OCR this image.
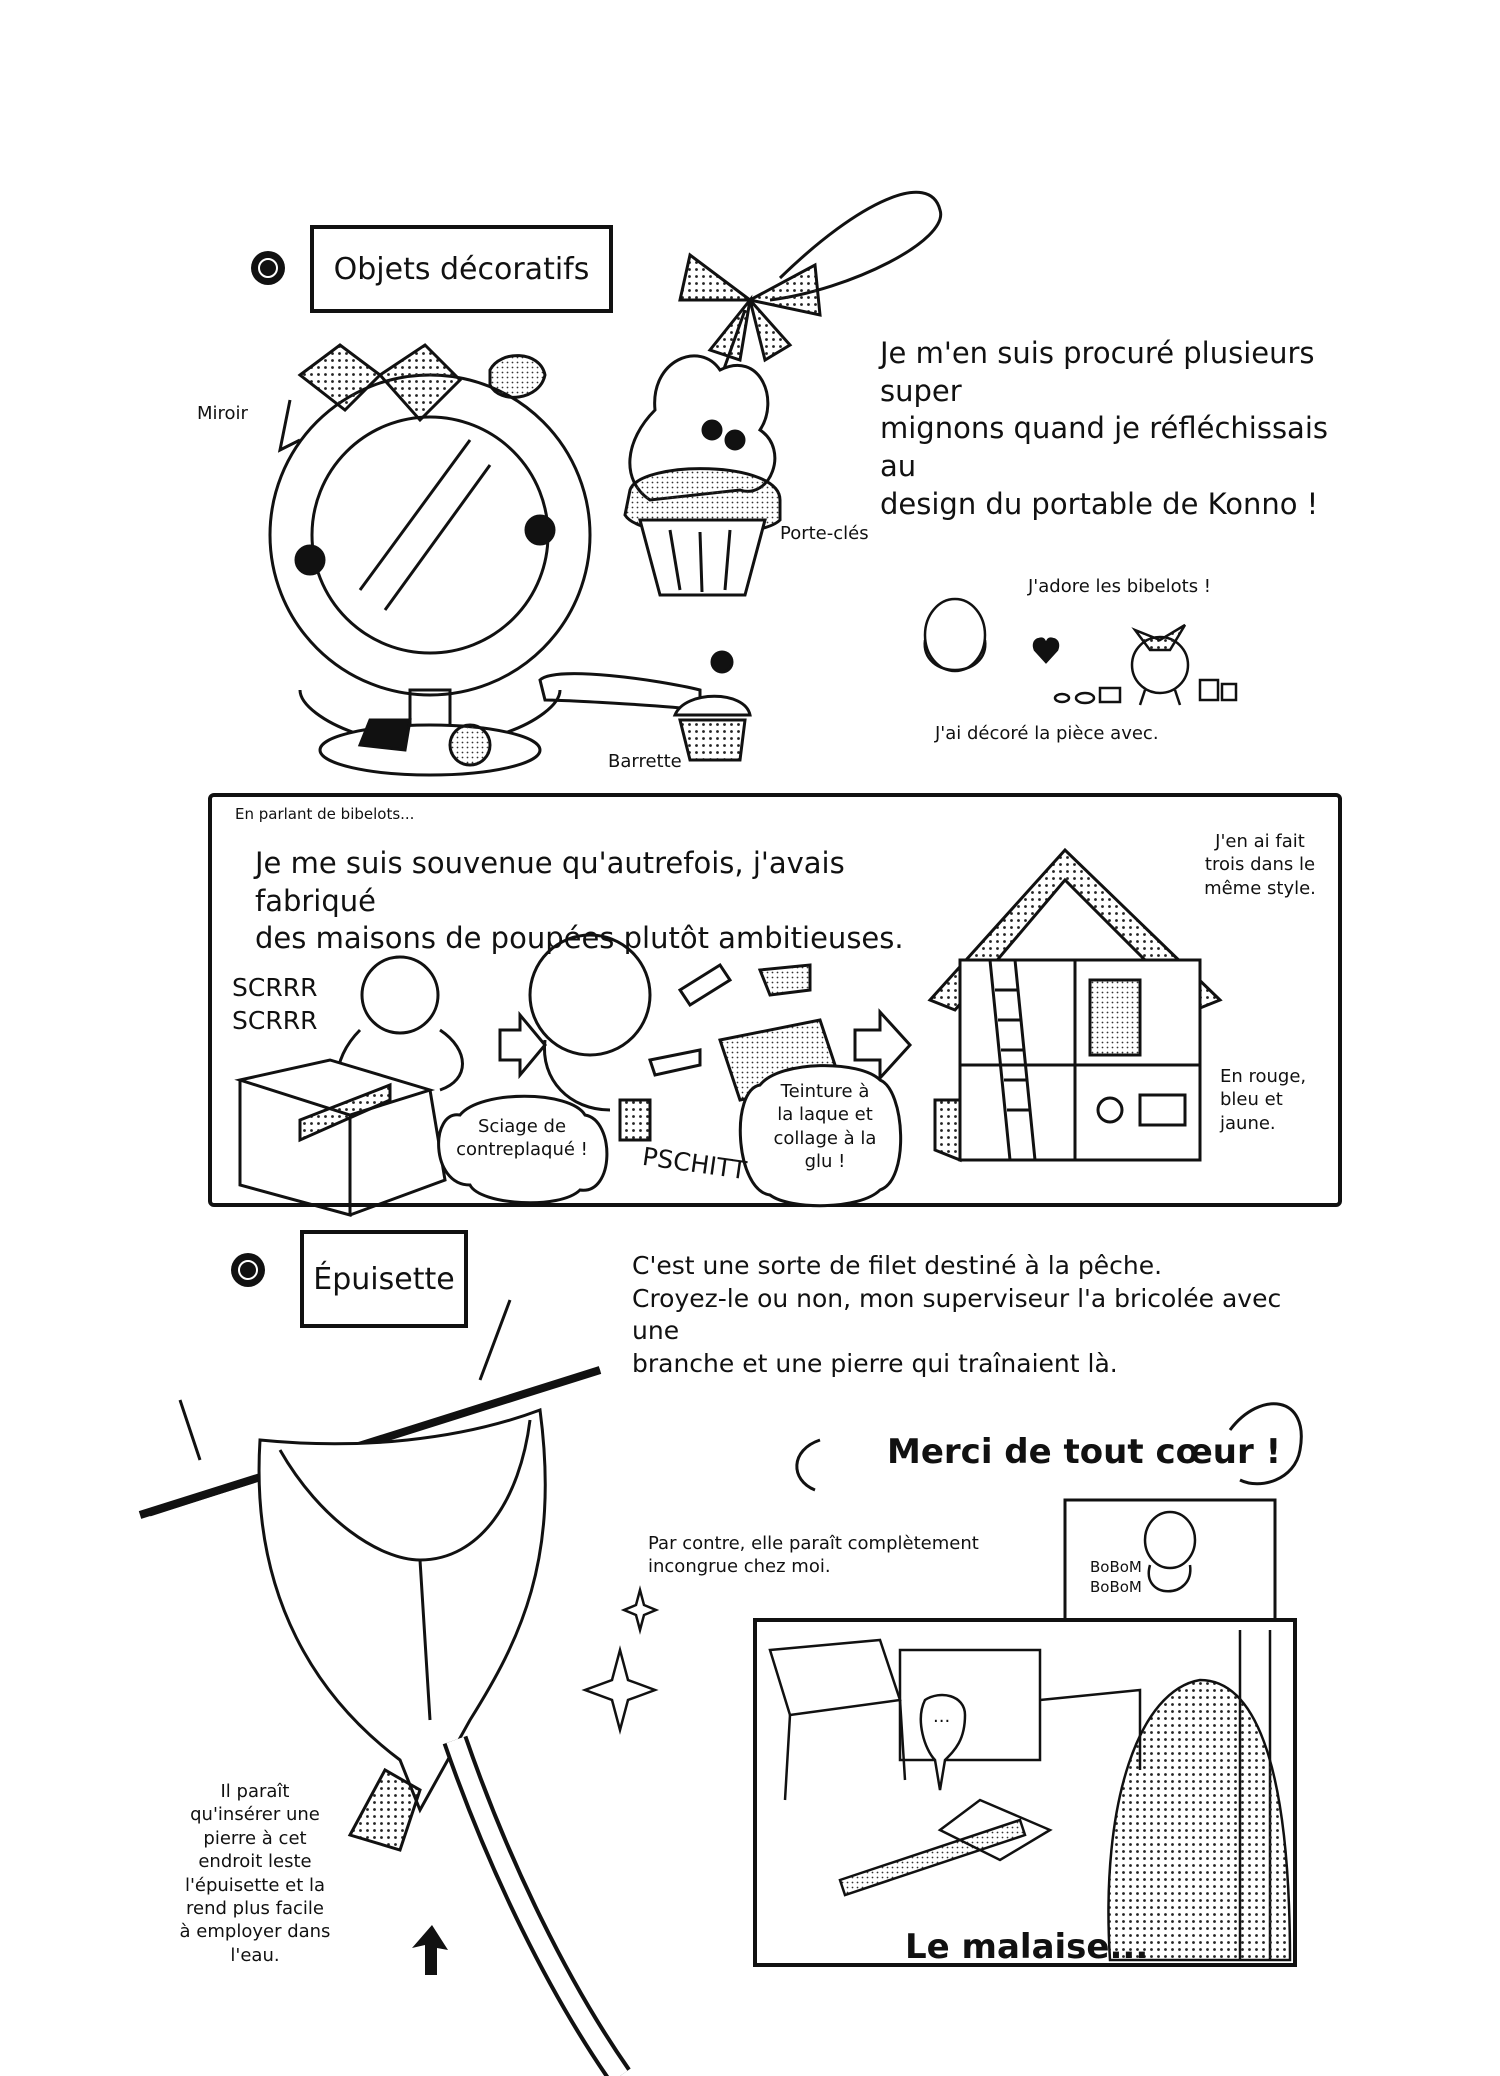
Objets décoratifs

Miroir

Porte-clés

Barrette

Je m'en suis procuré plusieurs super
mignons quand je réfléchissais au
design du portable de Konno !

J'adore les bibelots !

J'ai décoré la pièce avec.

En parlant de bibelots...

Je me suis souvenue qu'autrefois, j'avais fabriqué
des maisons de poupées plutôt ambitieuses.

SCRRR
SCRRR

Sciage de
contreplaqué !	PSCHITT

Teinture à
la laque et
collage à la
glu !

J'en ai fait
trois dans le
même style.

En rouge,
bleu et
jaune.

Épuisette	C'est une sorte de filet destiné à la pêche.
Croyez-le ou non, mon superviseur l'a bricolée avec une
branche et une pierre qui traînaient là.

Merci de tout cœur !

Par contre, elle paraît complètement
incongrue chez moi.	BoBoM
BoBoM

...

Le malaise...

Il paraît
qu'insérer une
pierre à cet
endroit leste
l'épuisette et la
rend plus facile
à employer dans
l'eau.
